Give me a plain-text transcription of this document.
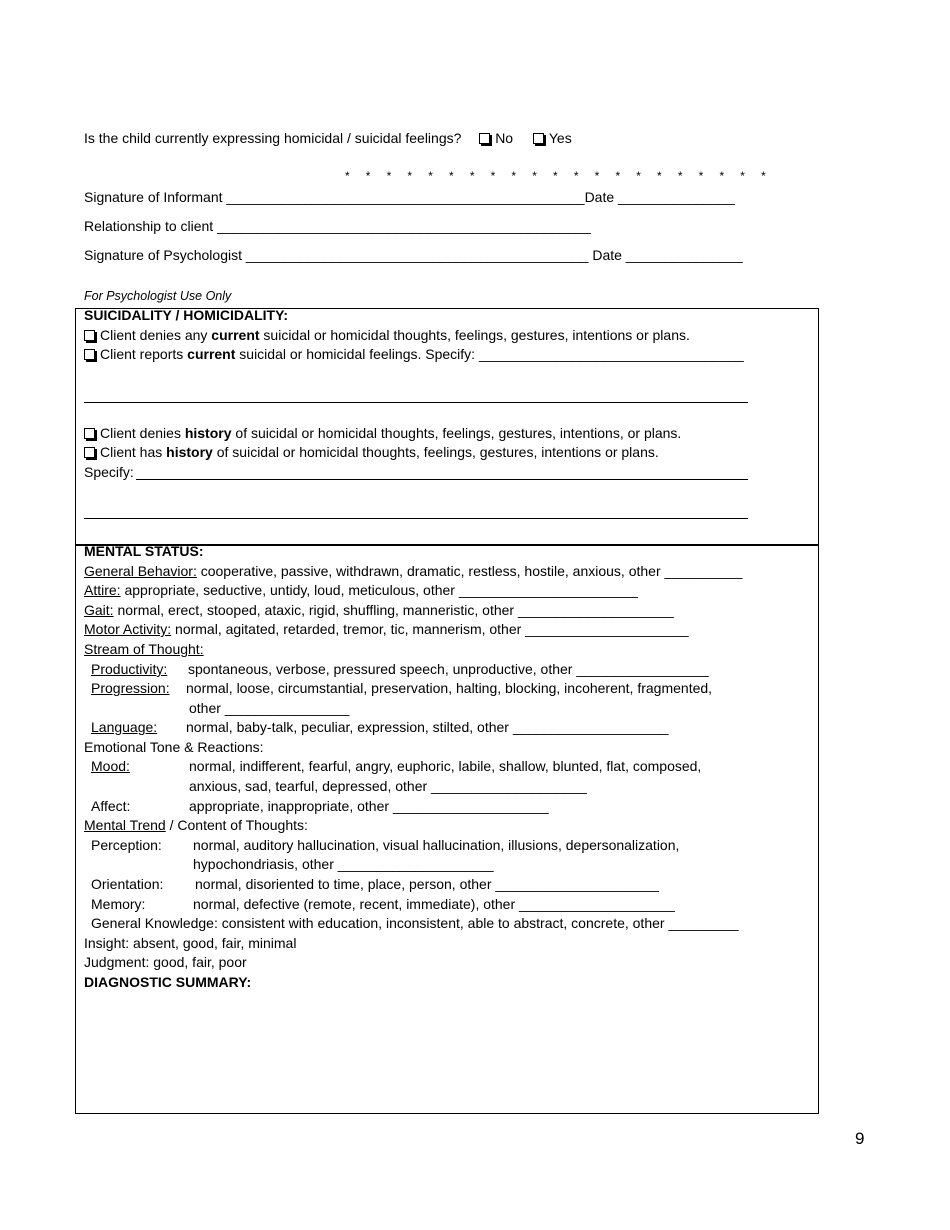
Is the child currently expressing homicidal / suicidal feelings? No	Yes
* * * * * * * * * * * * * * * * * * * * *
Signature of Informant ______________________________________________Date _______________
Relationship to client ________________________________________________
Signature of Psychologist ____________________________________________ Date _______________
For Psychologist Use Only
SUICIDALITY / HOMICIDALITY:
Client denies any current suicidal or homicidal thoughts, feelings, gestures, intentions or plans.
Client reports current suicidal or homicidal feelings. Specify: __________________________________
Client denies history of suicidal or homicidal thoughts, feelings, gestures, intentions, or plans.
Client has history of suicidal or homicidal thoughts, feelings, gestures, intentions or plans.
Specify:
MENTAL STATUS:
General Behavior: cooperative, passive, withdrawn, dramatic, restless, hostile, anxious, other __________
Attire: appropriate, seductive, untidy, loud, meticulous, other _______________________
Gait: normal, erect, stooped, ataxic, rigid, shuffling, manneristic, other ____________________
Motor Activity: normal, agitated, retarded, tremor, tic, mannerism, other _____________________
Stream of Thought:
Productivity: spontaneous, verbose, pressured speech, unproductive, other _________________
Progression: normal, loose, circumstantial, preservation, halting, blocking, incoherent, fragmented,
other ________________
Language: normal, baby-talk, peculiar, expression, stilted, other ____________________
Emotional Tone & Reactions:
Mood:	normal, indifferent, fearful, angry, euphoric, labile, shallow, blunted, flat, composed,
anxious, sad, tearful, depressed, other ____________________
Affect:	appropriate, inappropriate, other ____________________
Mental Trend / Content of Thoughts:
Perception: normal, auditory hallucination, visual hallucination, illusions, depersonalization,
hypochondriasis, other ____________________
Orientation: normal, disoriented to time, place, person, other _____________________
Memory:	normal, defective (remote, recent, immediate), other ____________________
General Knowledge: consistent with education, inconsistent, able to abstract, concrete, other _________
Insight: absent, good, fair, minimal
Judgment: good, fair, poor
DIAGNOSTIC SUMMARY:
9
